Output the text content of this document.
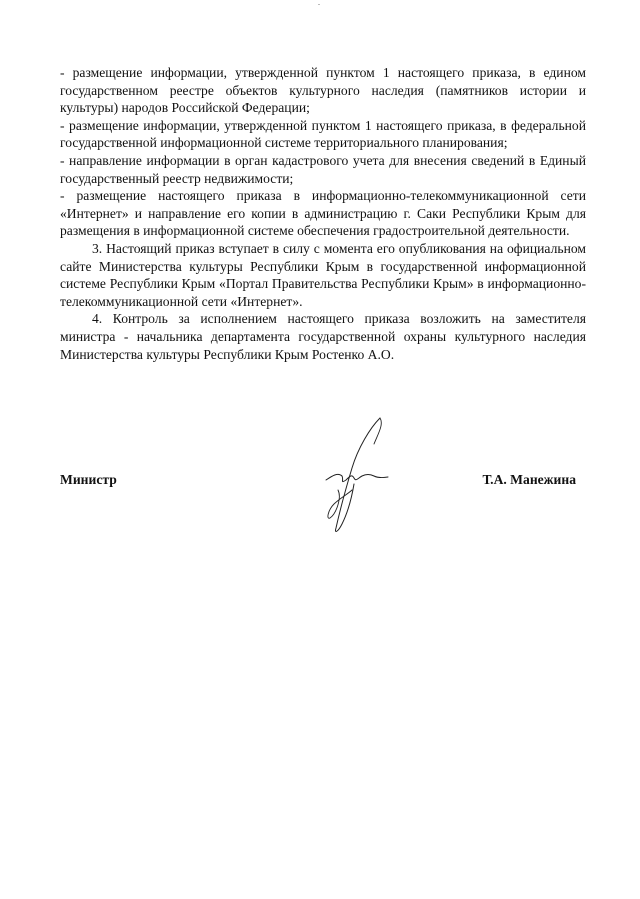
- размещение информации, утвержденной пунктом 1 настоящего приказа, в едином государственном реестре объектов культурного наследия (памятников истории и культуры) народов Российской Федерации;

- размещение информации, утвержденной пунктом 1 настоящего приказа, в федеральной государственной информационной системе территориального планирования;

- направление информации в орган кадастрового учета для внесения сведений в Единый государственный реестр недвижимости;

- размещение настоящего приказа в информационно-телекоммуникационной сети «Интернет» и направление его копии в администрацию г. Саки Республики Крым для размещения в информационной системе обеспечения градостроительной деятельности.

3. Настоящий приказ вступает в силу с момента его опубликования на официальном сайте Министерства культуры Республики Крым в государственной информационной системе Республики Крым «Портал Правительства Республики Крым» в информационно-телекоммуникационной сети «Интернет».

4. Контроль за исполнением настоящего приказа возложить на заместителя министра - начальника департамента государственной охраны культурного наследия Министерства культуры Республики Крым Ростенко А.О.

Министр	Т.А. Манежина
